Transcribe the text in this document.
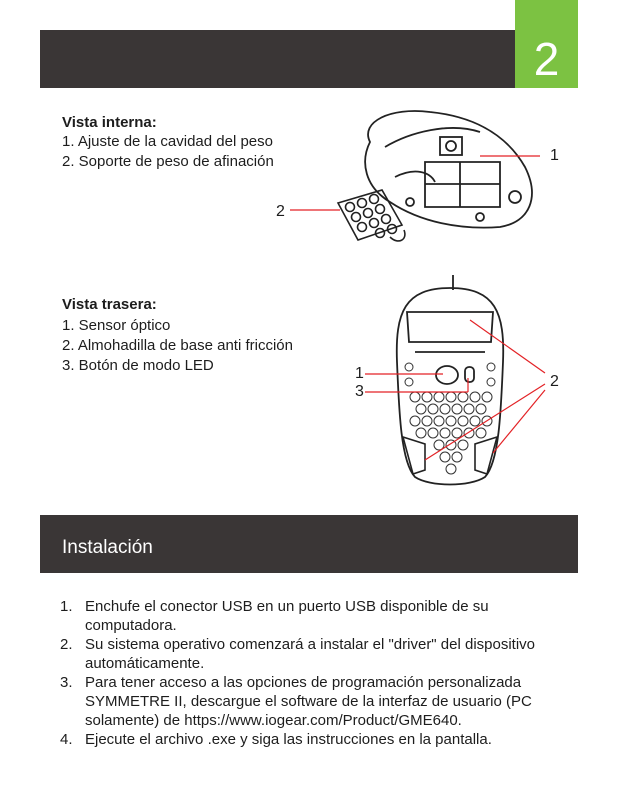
2
Vista interna:
1. Ajuste de la cavidad del peso
2. Soporte de peso de afinación	1
2
Vista trasera:
1. Sensor óptico
2. Almohadilla de base anti fricción
3. Botón de modo LED	1
3
2
Instalación
1. Enchufe el conector USB en un puerto USB disponible de su computadora.
2. Su sistema operativo comenzará a instalar el "driver" del dispositivo automáticamente.
3. Para tener acceso a las opciones de programación personalizada SYMMETRE II, descargue el software de la interfaz de usuario (PC solamente) de https://www.iogear.com/Product/GME640.
4. Ejecute el archivo .exe y siga las instrucciones en la pantalla.
